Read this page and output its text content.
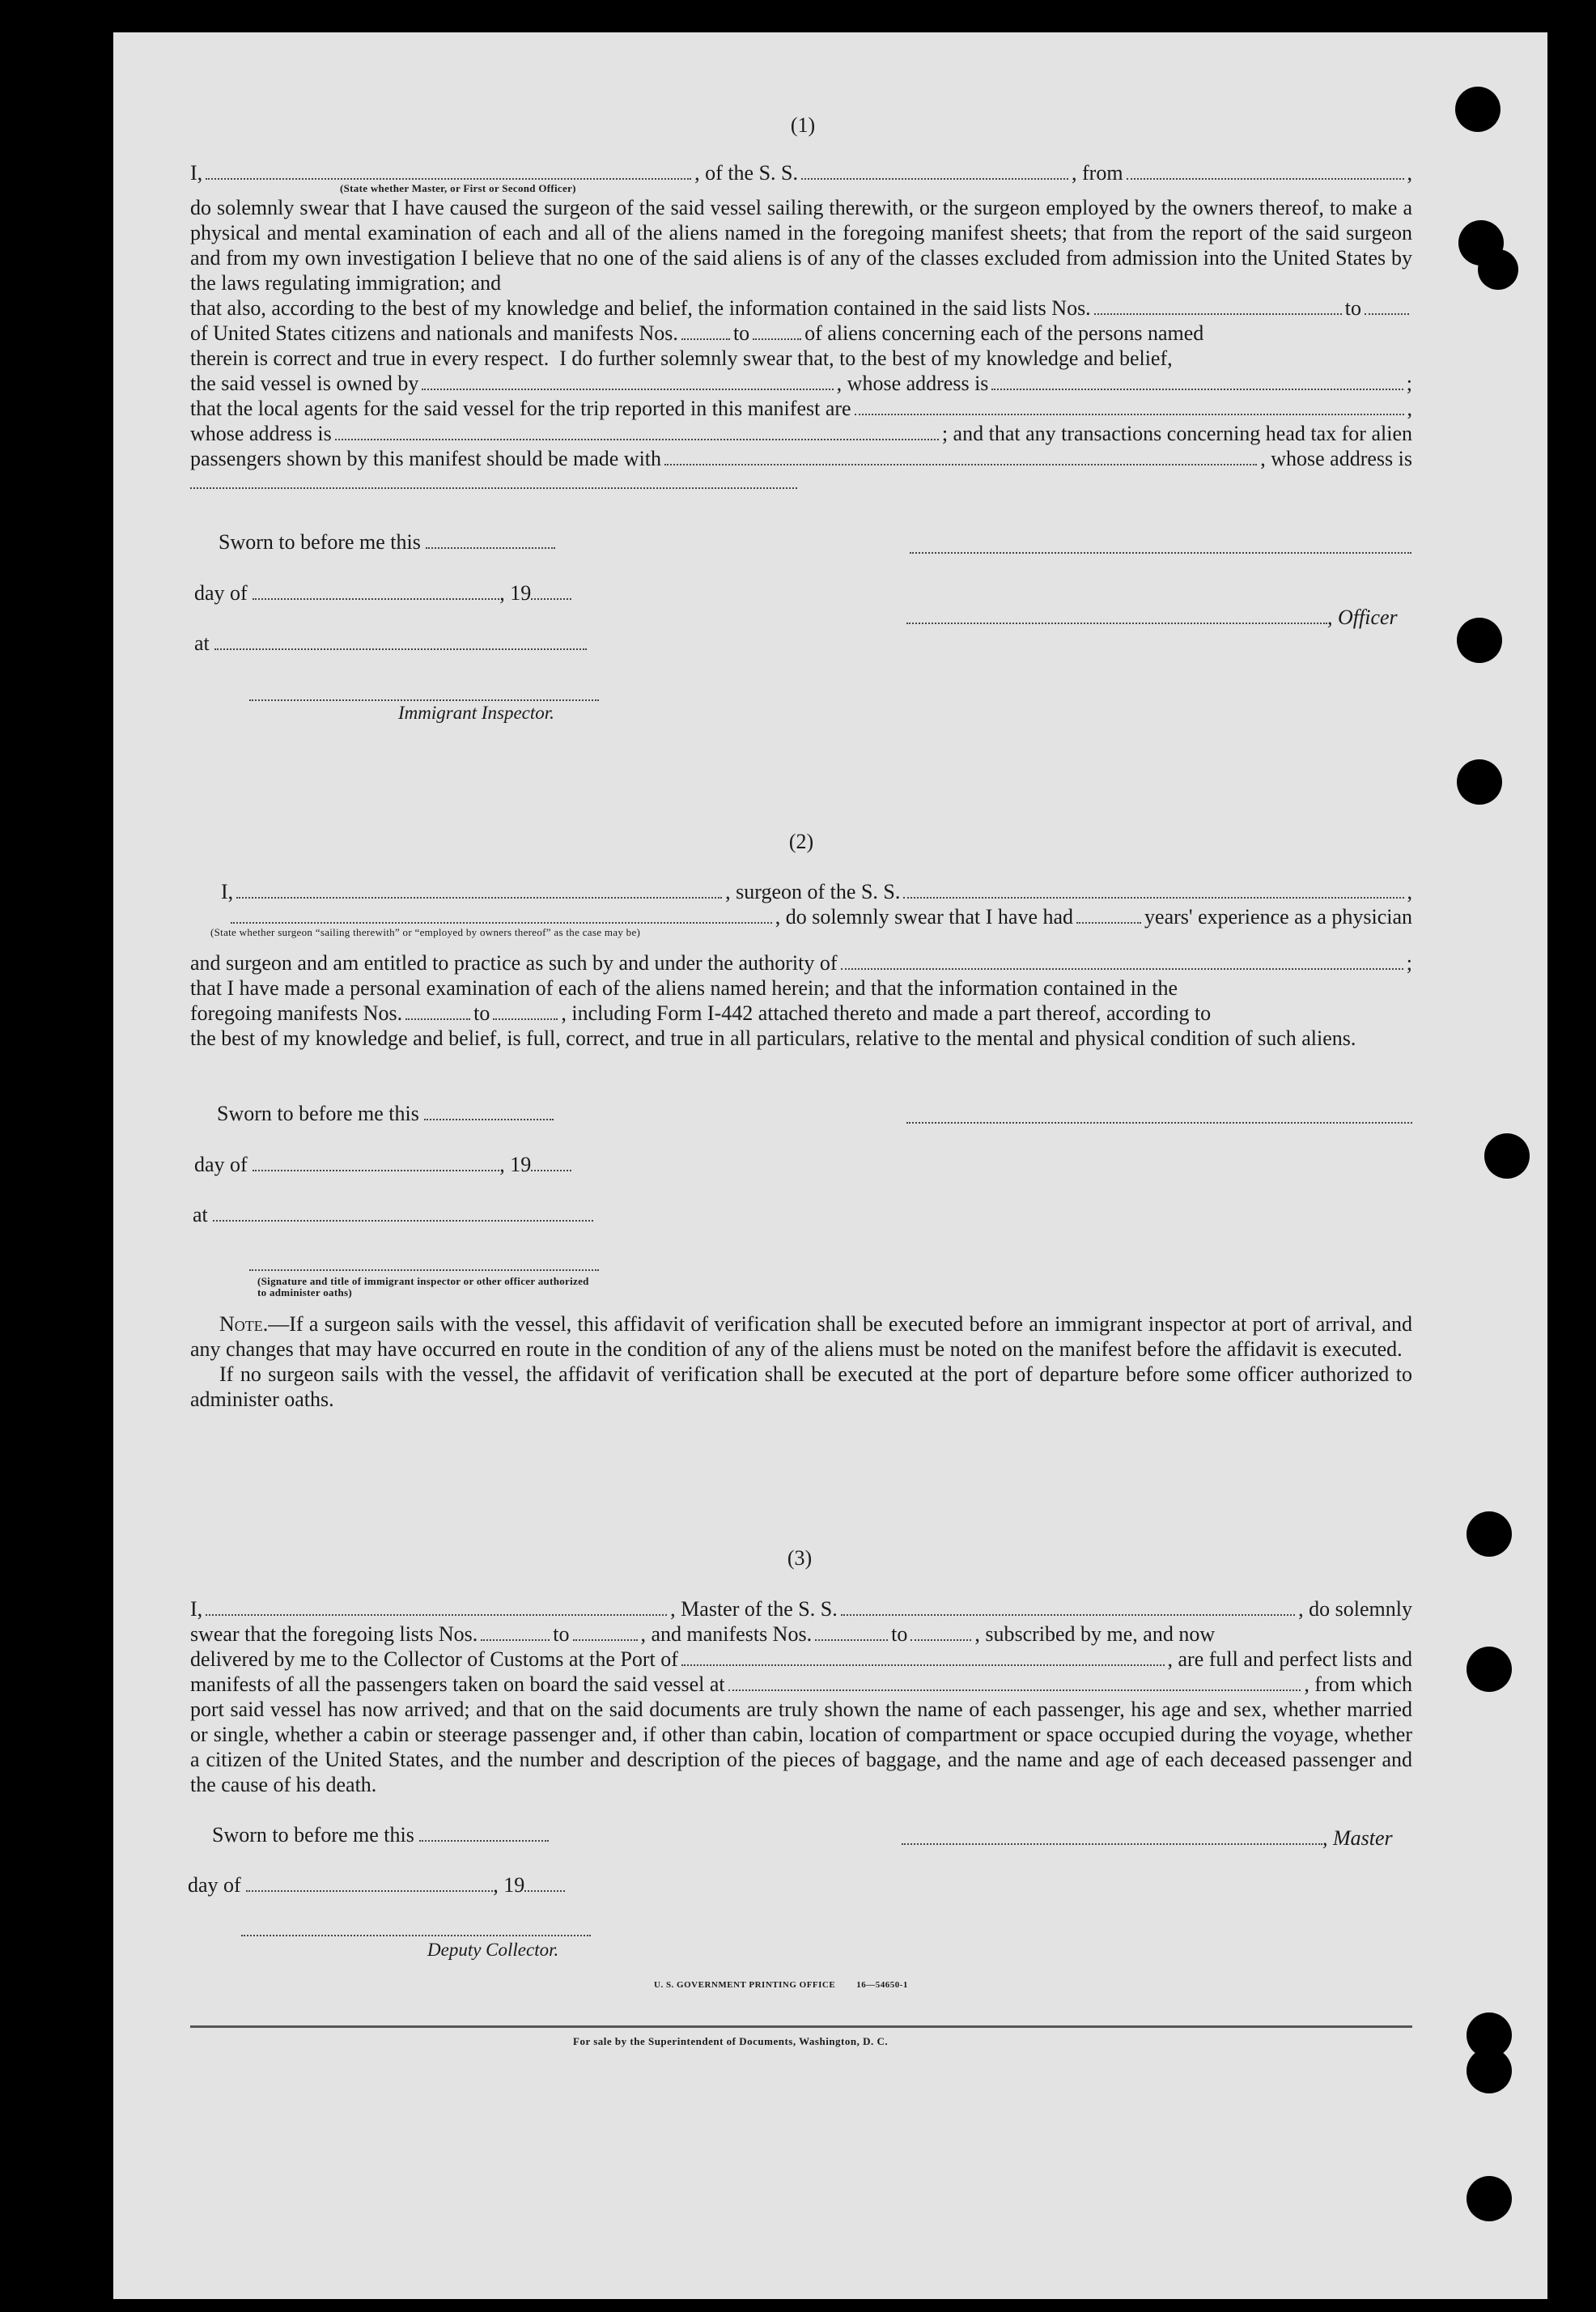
(1)
I,	, of the S. S.	, from	,
(State whether Master, or First or Second Officer)
do solemnly swear that I have caused the surgeon of the said vessel sailing therewith, or the surgeon employed by the owners thereof, to make a physical and mental examination of each and all of the aliens named in the foregoing manifest sheets; that from the report of the said surgeon and from my own investigation I believe that no one of the said aliens is of any of the classes excluded from admission into the United States by the laws regulating immigration; and
that also, according to the best of my knowledge and belief, the information contained in the said lists Nos.	to
of United States citizens and nationals and manifests Nos.	to	of aliens concerning each of the persons named
therein is correct and true in every respect.  I do further solemnly swear that, to the best of my knowledge and belief,
the said vessel is owned by	, whose address is	;
that the local agents for the said vessel for the trip reported in this manifest are	,
whose address is	; and that any transactions concerning head tax for alien
passengers shown by this manifest should be made with	, whose address is
Sworn to before me this
day of	, 19
, Officer
at
Immigrant Inspector.
(2)
I,	, surgeon of the S. S.	,
, do solemnly swear that I have had	years' experience as a physician
(State whether surgeon “sailing therewith” or “employed by owners thereof” as the case may be)
and surgeon and am entitled to practice as such by and under the authority of	;
that I have made a personal examination of each of the aliens named herein; and that the information contained in the
foregoing manifests Nos.	to	, including Form I-442 attached thereto and made a part thereof, according to
the best of my knowledge and belief, is full, correct, and true in all particulars, relative to the mental and physical condition of such aliens.
Sworn to before me this
day of	, 19
at
(Signature and title of immigrant inspector or other officer authorized to administer oaths)
Note.—If a surgeon sails with the vessel, this affidavit of verification shall be executed before an immigrant inspector at port of arrival, and any changes that may have occurred en route in the condition of any of the aliens must be noted on the manifest before the affidavit is executed.
If no surgeon sails with the vessel, the affidavit of verification shall be executed at the port of departure before some officer authorized to administer oaths.
(3)
I,	, Master of the S. S.	, do solemnly
swear that the foregoing lists Nos.	to	, and manifests Nos.	to	, subscribed by me, and now
delivered by me to the Collector of Customs at the Port of	, are full and perfect lists and
manifests of all the passengers taken on board the said vessel at	, from which
port said vessel has now arrived; and that on the said documents are truly shown the name of each passenger, his age and sex, whether married or single, whether a cabin or steerage passenger and, if other than cabin, location of compartment or space occupied during the voyage, whether a citizen of the United States, and the number and description of the pieces of baggage, and the name and age of each deceased passenger and the cause of his death.
Sworn to before me this	, Master
day of	, 19
Deputy Collector.
U. S. GOVERNMENT PRINTING OFFICE        16—54650-1
For sale by the Superintendent of Documents, Washington, D. C.
